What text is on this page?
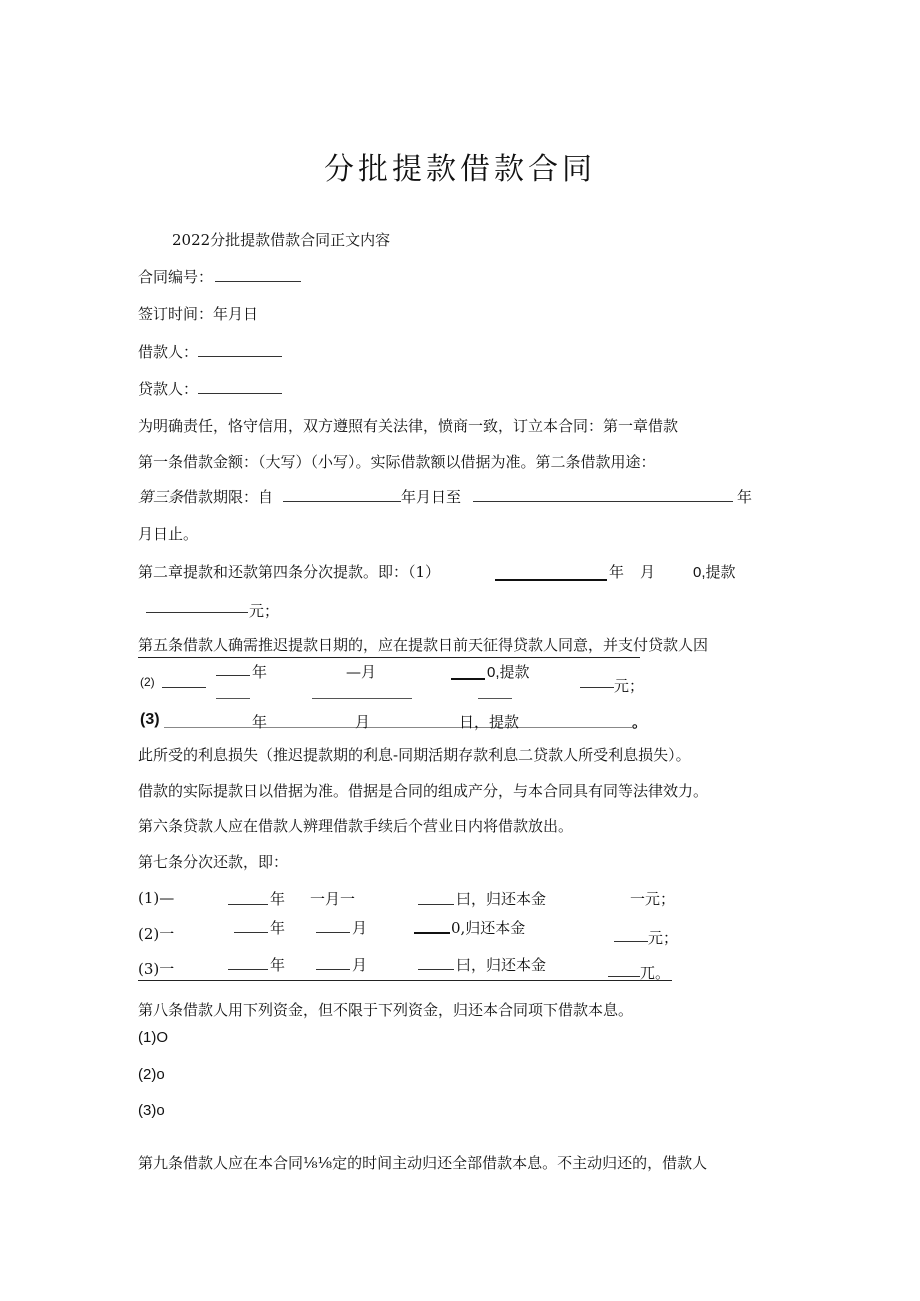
分批提款借款合同
2022分批提款借款合同正文内容
合同编号：
签订时间：年月日
借款人：
贷款人：
为明确责任，恪守信用，双方遵照有关法律，愤商一致，订立本合同：第一章借款
第一条借款金额：（大写）（小写）。实际借款额以借据为准。第二条借款用途：
第三条借款期限：自	年月日至	年
月日止。
第二章提款和还款第四条分次提款。即：（1）	年 月	0,提款
元；
第五条借款人确需推迟提款日期的，应在提款日前天征得贷款人同意，并支付贷款人因
(2)
年	—月	0,提款
元；
(3)	年	月	日，提款	。
此所受的利息损失（推迟提款期的利息-同期活期存款利息二贷款人所受利息损失）。
借款的实际提款日以借据为准。借据是合同的组成产分，与本合同具有同等法律效力。
第六条贷款人应在借款人辨理借款手续后个营业日内将借款放出。
第七条分次还款，即：
(1)—	年 一月一	曰，归还本金	一元；
(2)一	年	月	0,归还本金
元；
(3)一	年	月	曰，归还本金	兀。
第八条借款人用下列资金，但不限于下列资金，归还本合同项下借款本息。
(1)O
(2)o
(3)o
第九条借款人应在本合同⅛⅛定的时间主动归还全部借款本息。不主动归还的，借款人
